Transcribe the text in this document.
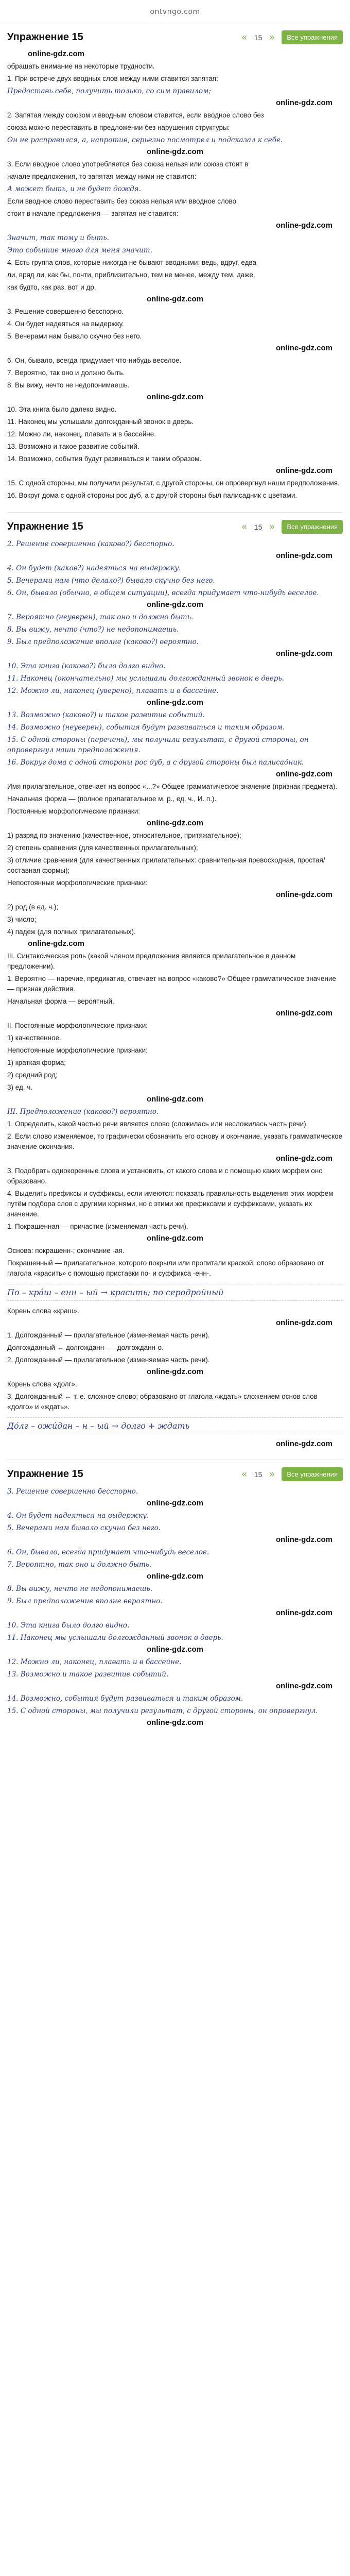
ontvngo.com
Упражнение 15	« 15 »	Все упражнения
online-gdz.com

обращать внимание на некоторые трудности.

1. При встрече двух вводных слов между ними ставится запятая:

Предоставь себе, получить только, со сим правилом;

online-gdz.com

2. Запятая между союзом и вводным словом ставится, если вводное слово без

союза можно переставить в предложении без нарушения структуры:

Он не расправился, а, напротив, серьезно посмотрел и подсказал к себе.

online-gdz.com

3. Если вводное слово употребляется без союза нельзя или союза стоит в

начале предложения, то запятая между ними не ставится:

А может быть, и не будет дождя.

Если вводное слово переставить без союза нельзя или вводное слово

стоит в начале предложения — запятая не ставится:

online-gdz.com

Значит, так тому и быть.

Это событие много для меня значит.

4. Есть группа слов, которые никогда не бывают вводными: ведь, вдруг, едва

ли, вряд ли, как бы, почти, приблизительно, тем не менее, между тем, даже,

как будто, как раз, вот и др.

online-gdz.com

3. Решение совершенно бесспорно.

4. Он будет надеяться на выдержку.

5. Вечерами нам бывало скучно без него.

online-gdz.com

6. Он, бывало, всегда придумает что-нибудь веселое.

7. Вероятно, так оно и должно быть.

8. Вы вижу, нечто не недопонимаешь.

online-gdz.com

10. Эта книга было далеко видно.

11. Наконец мы услышали долгожданный звонок в дверь.

12. Можно ли, наконец, плавать и в бассейне.

13. Возможно и такое развитие событий.

14. Возможно, события будут развиваться и таким образом.

online-gdz.com

15. С одной стороны, мы получили результат, с другой стороны, он опровергнул наши предположения.

16. Вокруг дома с одной стороны рос дуб, а с другой стороны был палисадник с цветами.

Упражнение 15	« 15 »	Все упражнения

2. Решение совершенно (каково?) бесспорно.

online-gdz.com

4. Он будет (каков?) надеяться на выдержку.

5. Вечерами нам (что делало?) бывало скучно без него.

6. Он, бывало (обычно, в общем ситуации), всегда придумает что-нибудь веселое.

online-gdz.com

7. Вероятно (неуверен), так оно и должно быть.

8. Вы вижу, нечто (что?) не недопонимаешь.

9. Был предположение вполне (каково?) вероятно.

online-gdz.com

10. Эта книга (каково?) было долго видно.

11. Наконец (окончательно) мы услышали долгожданный звонок в дверь.

12. Можно ли, наконец (уверено), плавать и в бассейне.

online-gdz.com

13. Возможно (каково?) и такое развитие событий.

14. Возможно (неуверен), события будут развиваться и таким образом.

15. С одной стороны (перечень), мы получили результат, с другой стороны, он опровергнул наши предположения.

16. Вокруг дома с одной стороны рос дуб, а с другой стороны был палисадник.

online-gdz.com

Имя прилагательное, отвечает на вопрос «...?» Общее грамматическое значение (признак предмета).

Начальная форма — (полное прилагательное м. р., ед. ч., И. п.).

Постоянные морфологические признаки:

online-gdz.com

1) разряд по значению (качественное, относительное, притяжательное);

2) степень сравнения (для качественных прилагательных);

3) отличие сравнения (для качественных прилагательных: сравнительная превосходная, простая/составная формы);

Непостоянные морфологические признаки:

online-gdz.com

2) род (в ед. ч.);

3) число;

4) падеж (для полных прилагательных).

online-gdz.com

III. Синтаксическая роль (какой членом предложения является прилагательное в данном предложении).

1. Вероятно — наречие, предикатив, отвечает на вопрос «каково?» Общее грамматическое значение — признак действия.

Начальная форма — вероятный.

online-gdz.com

II. Постоянные морфологические признаки:

1) качественное.

Непостоянные морфологические признаки:

1) краткая форма;

2) средний род;

3) ед. ч.

online-gdz.com

III. Предположение (каково?) вероятно.

1. Определить, какой частью речи является слово (сложилась или несложилась часть речи).

2. Если слово изменяемое, то графически обозначить его основу и окончание, указать грамматическое значение окончания.

online-gdz.com

3. Подобрать однокоренные слова и установить, от какого слова и с помощью каких морфем оно образовано.

4. Выделить префиксы и суффиксы, если имеются: показать правильность выделения этих морфем путём подбора слов с другими корнями, но с этими же префиксами и суффиксами, указать их значение.

1. Покрашенная — причастие (изменяемая часть речи).

online-gdz.com

Основа: покрашенн-; окончание -ая.

Покрашенный — прилагательное, которого покрыли или пропитали краской; слово образовано от глагола «красить» с помощью приставки по- и суффикса -енн-.

По – кра́ш – енн – ый → красить; по серодройный

Корень слова «краш».

online-gdz.com

1. Долгожданный — прилагательное (изменяемая часть речи).

Долгожданный ← долгожданн- — долгожданн-о.

2. Долгожданный — прилагательное (изменяемая часть речи).

online-gdz.com

Корень слова «долг».

3. Долгожданный ← т. е. сложное слово; образовано от глагола «ждать» сложением основ слов «долго» и «ждать».

До́лг – ожи́дан – н – ый → долго + ждать
online-gdz.com
Упражнение 15	« 15 »	Все упражнения

3. Решение совершенно бесспорно.

online-gdz.com

4. Он будет надеяться на выдержку.

5. Вечерами нам бывало скучно без него.

online-gdz.com

6. Он, бывало, всегда придумает что-нибудь веселое.

7. Вероятно, так оно и должно быть.

online-gdz.com

8. Вы вижу, нечто не недопонимаешь.

9. Был предположение вполне вероятно.

online-gdz.com

10. Эта книга было долго видно.

11. Наконец мы услышали долгожданный звонок в дверь.

online-gdz.com

12. Можно ли, наконец, плавать и в бассейне.

13. Возможно и такое развитие событий.

online-gdz.com

14. Возможно, события будут развиваться и таким образом.

15. С одной стороны, мы получили результат, с другой стороны, он опровергнул.

online-gdz.com
